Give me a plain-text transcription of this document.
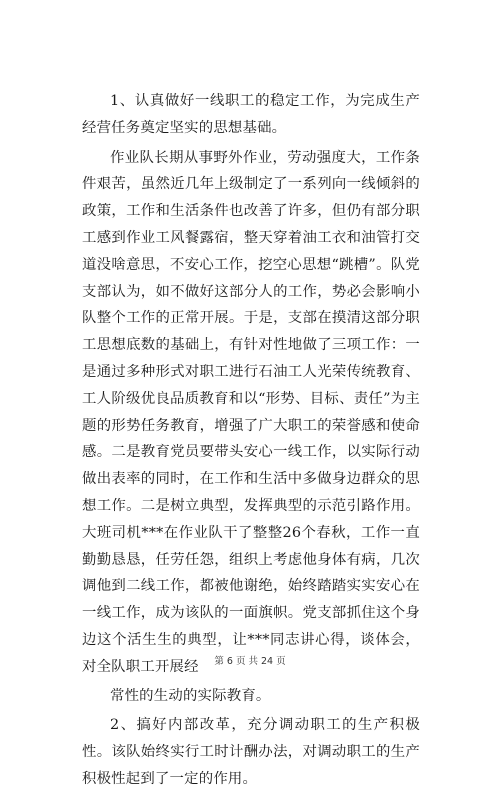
1、认真做好一线职工的稳定工作，为完成生产经营任务奠定坚实的思想基础。

作业队长期从事野外作业，劳动强度大，工作条件艰苦，虽然近几年上级制定了一系列向一线倾斜的政策，工作和生活条件也改善了许多，但仍有部分职工感到作业工风餐露宿，整天穿着油工衣和油管打交道没啥意思，不安心工作，挖空心思想“跳槽”。队党支部认为，如不做好这部分人的工作，势必会影响小队整个工作的正常开展。于是，支部在摸清这部分职工思想底数的基础上，有针对性地做了三项工作：一是通过多种形式对职工进行石油工人光荣传统教育、工人阶级优良品质教育和以“形势、目标、责任”为主题的形势任务教育，增强了广大职工的荣誉感和使命感。二是教育党员要带头安心一线工作，以实际行动做出表率的同时，在工作和生活中多做身边群众的思想工作。二是树立典型，发挥典型的示范引路作用。大班司机***在作业队干了整整26个春秋，工作一直勤勤恳恳，任劳任怨，组织上考虑他身体有病，几次调他到二线工作，都被他谢绝，始终踏踏实实安心在一线工作，成为该队的一面旗帜。党支部抓住这个身边这个活生生的典型，让***同志讲心得，谈体会，对全队职工开展经

常性的生动的实际教育。

2、搞好内部改革，充分调动职工的生产积极性。该队始终实行工时计酬办法，对调动职工的生产积极性起到了一定的作用。

第 6 页 共 24 页
